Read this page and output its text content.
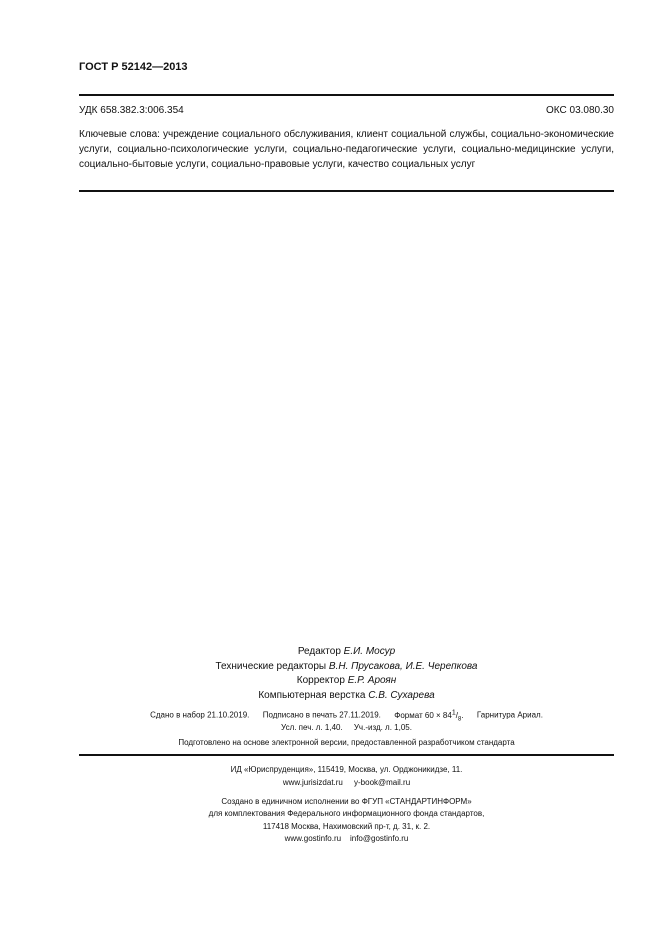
ГОСТ Р 52142—2013
УДК 658.382.3:006.354	ОКС 03.080.30
Ключевые слова: учреждение социального обслуживания, клиент социальной службы, социально-экономические услуги, социально-психологические услуги, социально-педагогические услуги, социально-медицинские услуги, социально-бытовые услуги, социально-правовые услуги, качество социальных услуг
Редактор Е.И. Мосур
Технические редакторы В.Н. Прусакова, И.Е. Черепкова
Корректор Е.Р. Ароян
Компьютерная верстка С.В. Сухарева
Сдано в набор 21.10.2019. Подписано в печать 27.11.2019. Формат $60 \times 84^1/_8$. Гарнитура Ариал.
Усл. печ. л. 1,40. Уч.-изд. л. 1,05.
Подготовлено на основе электронной версии, предоставленной разработчиком стандарта
ИД «Юриспруденция», 115419, Москва, ул. Орджоникидзе, 11.
www.jurisizdat.ru y-book@mail.ru
Создано в единичном исполнении во ФГУП «СТАНДАРТИНФОРМ»
для комплектования Федерального информационного фонда стандартов,
117418 Москва, Нахимовский пр-т, д. 31, к. 2.
www.gostinfo.ru info@gostinfo.ru
